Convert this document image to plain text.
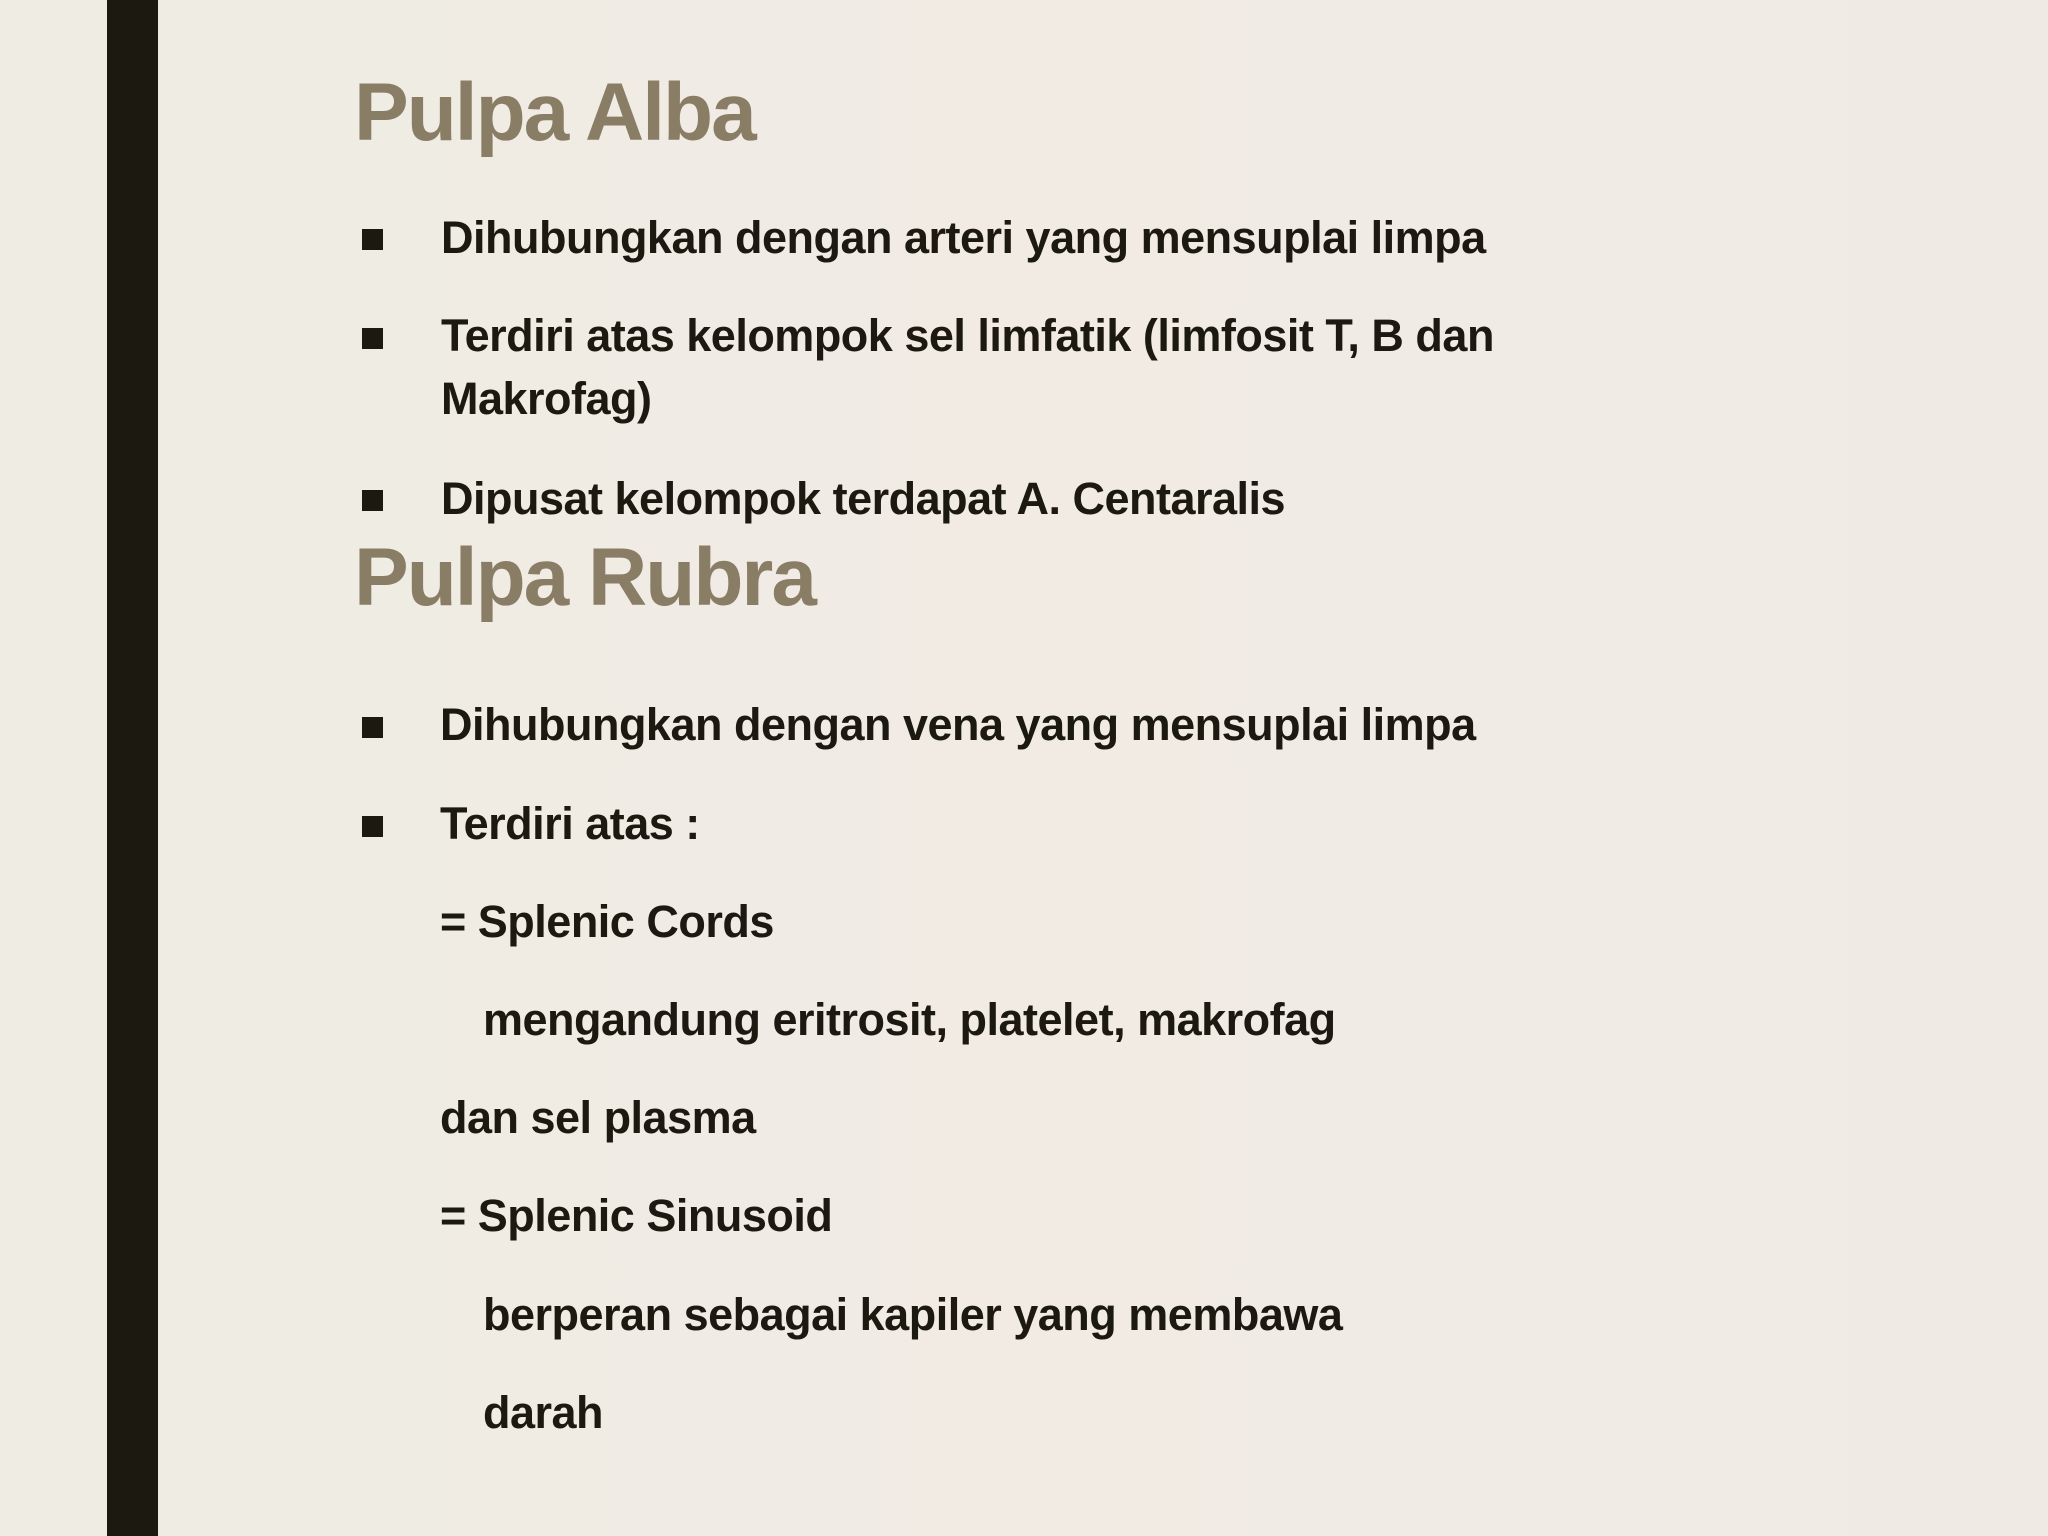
Pulpa Alba
Dihubungkan dengan arteri yang mensuplai limpa
Terdiri atas kelompok sel limfatik (limfosit T, B dan
Makrofag)
Dipusat kelompok terdapat A. Centaralis
Pulpa Rubra
Dihubungkan dengan vena yang mensuplai limpa
Terdiri atas :
= Splenic Cords
mengandung eritrosit, platelet, makrofag
dan sel plasma
= Splenic Sinusoid
berperan sebagai kapiler yang membawa
darah
